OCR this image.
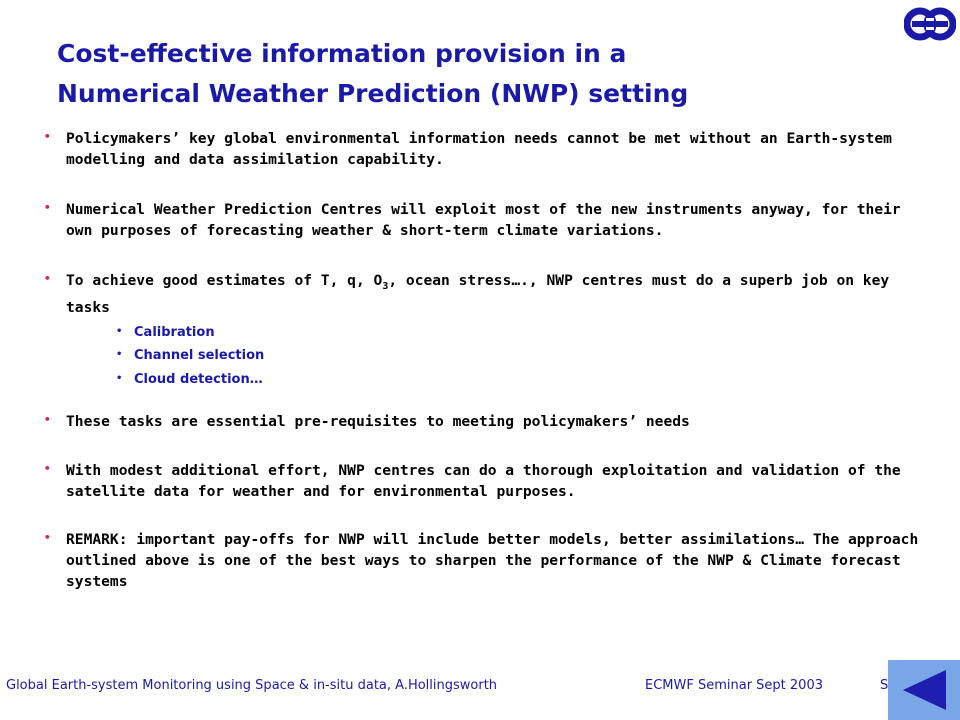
Cost-effective information provision in a
Numerical Weather Prediction (NWP) setting
• Policymakers’ key global environmental information needs cannot be met without an Earth-system modelling and data assimilation capability.
• Numerical Weather Prediction Centres will exploit most of the new instruments anyway, for their own purposes of forecasting weather & short-term climate variations.
• To achieve good estimates of T, q, $O_3$, ocean stress…., NWP centres must do a superb job on key tasks
• Calibration
• Channel selection
• Cloud detection…
• These tasks are essential pre-requisites to meeting policymakers’ needs
• With modest additional effort, NWP centres can do a thorough exploitation and validation of the satellite data for weather and for environmental purposes.
• REMARK: important pay-offs for NWP will include better models, better assimilations… The approach outlined above is one of the best ways to sharpen the performance of the NWP & Climate forecast systems
Global Earth-system Monitoring using Space & in-situ data, A.Hollingsworth	ECMWF Seminar Sept 2003	S
